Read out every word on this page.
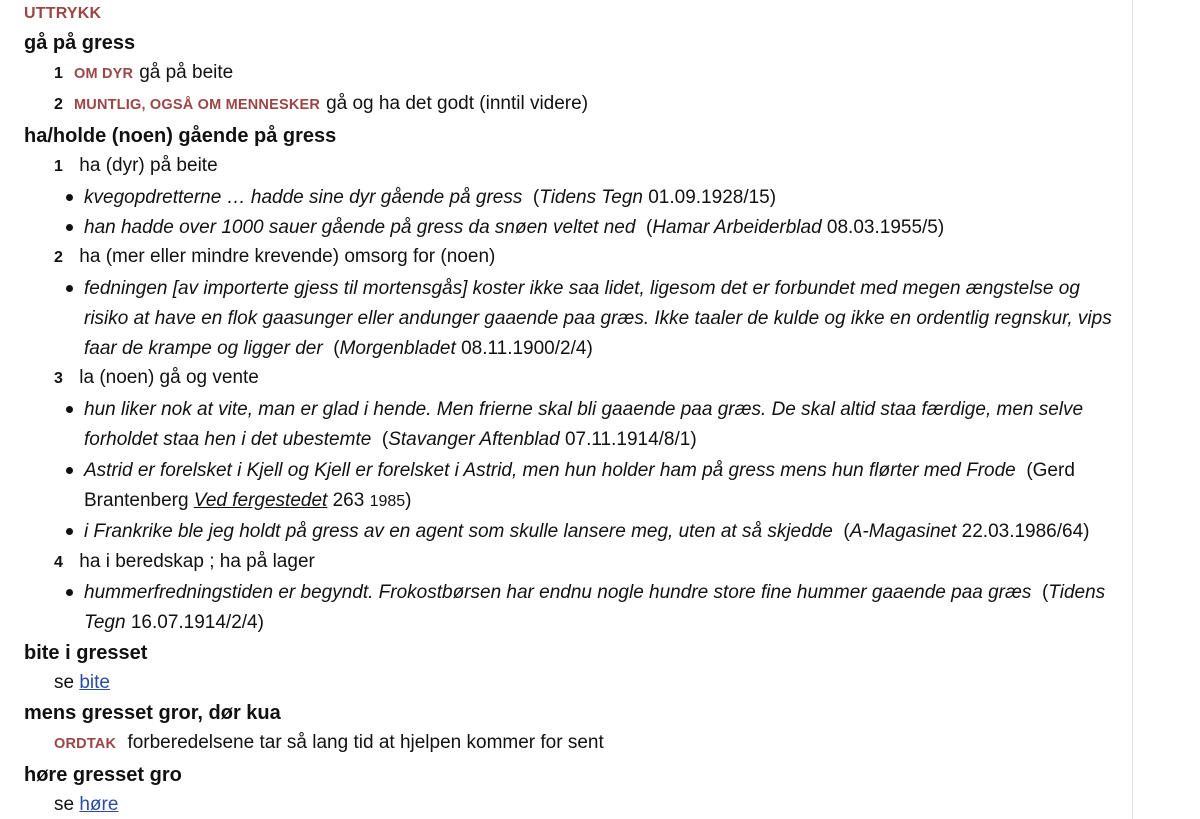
UTTRYKK
gå på gress
1 OM DYR gå på beite
2 MUNTLIG, OGSÅ OM MENNESKER gå og ha det godt (inntil videre)
ha/holde (noen) gående på gress
1 ha (dyr) på beite
kvegopdretterne … hadde sine dyr gående på gress (Tidens Tegn 01.09.1928/15)
han hadde over 1000 sauer gående på gress da snøen veltet ned (Hamar Arbeiderblad 08.03.1955/5)
2 ha (mer eller mindre krevende) omsorg for (noen)
fedningen [av importerte gjess til mortensgås] koster ikke saa lidet, ligesom det er forbundet med megen ængstelse og risiko at have en flok gaasunger eller andunger gaaende paa græs. Ikke taaler de kulde og ikke en ordentlig regnskur, vips faar de krampe og ligger der (Morgenbladet 08.11.1900/2/4)
3 la (noen) gå og vente
hun liker nok at vite, man er glad i hende. Men frierne skal bli gaaende paa græs. De skal altid staa færdige, men selve forholdet staa hen i det ubestemte (Stavanger Aftenblad 07.11.1914/8/1)
Astrid er forelsket i Kjell og Kjell er forelsket i Astrid, men hun holder ham på gress mens hun flørter med Frode (Gerd Brantenberg Ved fergestedet 263 1985)
i Frankrike ble jeg holdt på gress av en agent som skulle lansere meg, uten at så skjedde (A-Magasinet 22.03.1986/64)
4 ha i beredskap ; ha på lager
hummerfredningstiden er begyndt. Frokostbørsen har endnu nogle hundre store fine hummer gaaende paa græs (Tidens Tegn 16.07.1914/2/4)
bite i gresset
se bite
mens gresset gror, dør kua
ORDTAK forberedelsene tar så lang tid at hjelpen kommer for sent
høre gresset gro
se høre
